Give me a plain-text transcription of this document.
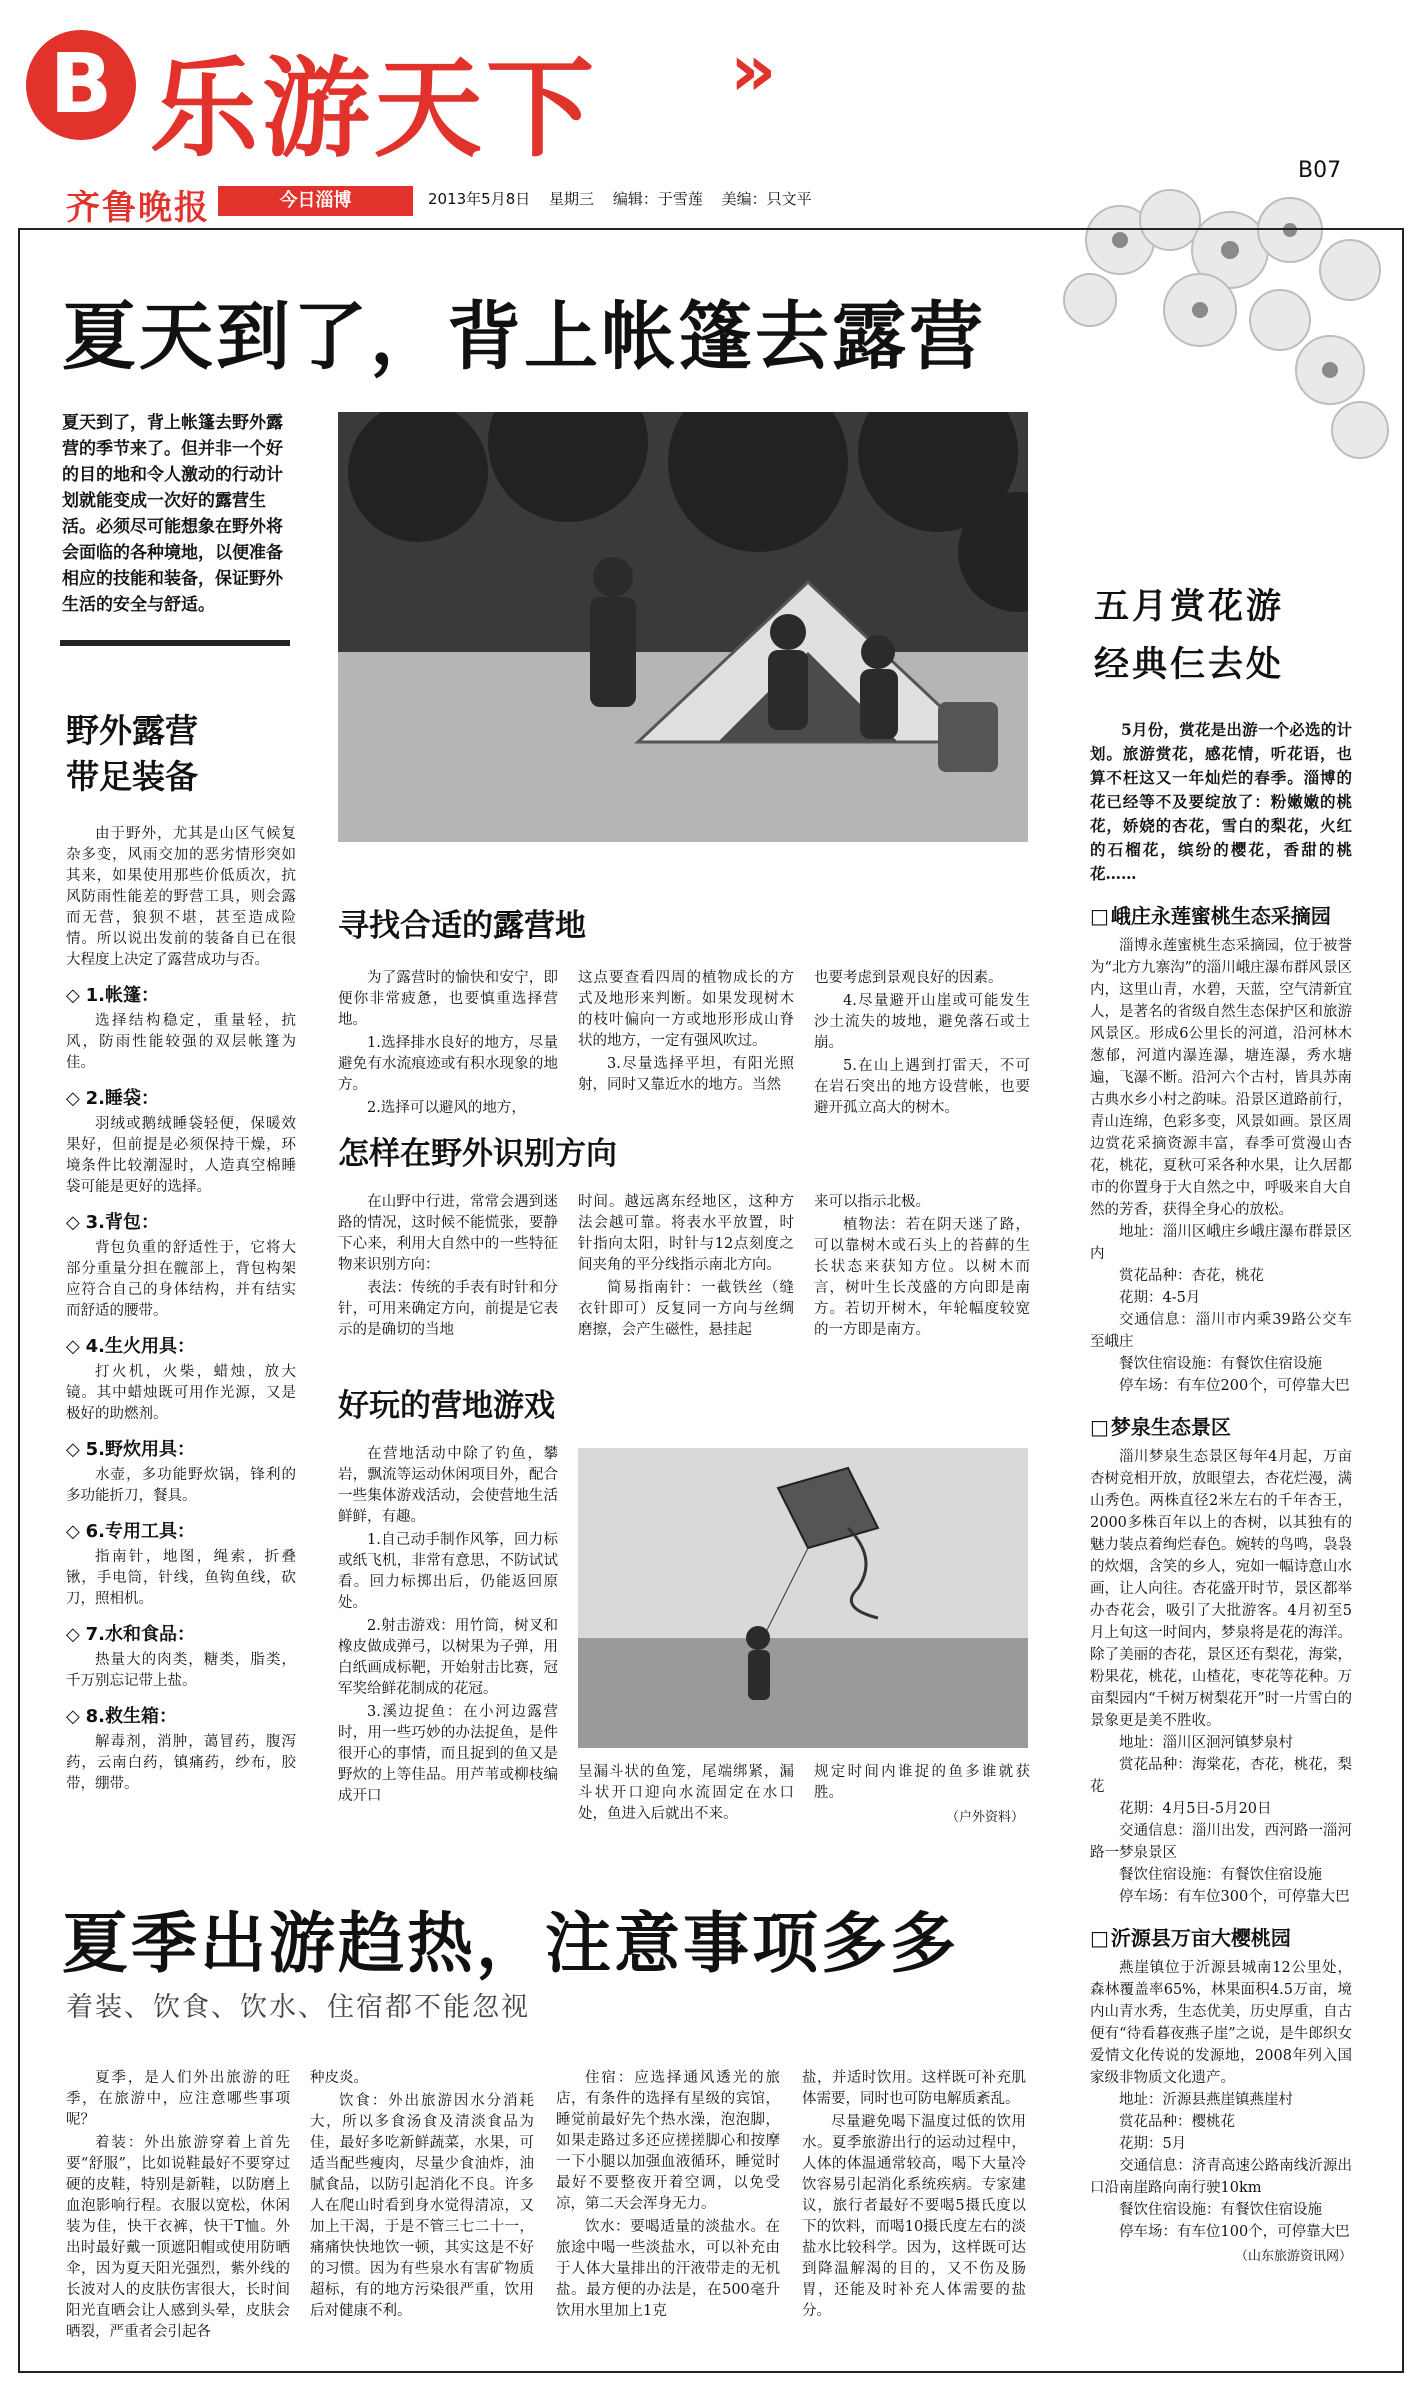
B 乐游天下 »
B07
齐鲁晚报	今日淄博	2013年5月8日 星期三 编辑：于雪莲 美编：只文平
夏天到了，背上帐篷去露营
夏天到了，背上帐篷去野外露营的季节来了。但并非一个好的目的地和令人激动的行动计划就能变成一次好的露营生活。必须尽可能想象在野外将会面临的各种境地，以便准备相应的技能和装备，保证野外生活的安全与舒适。
野外露营
带足装备

由于野外，尤其是山区气候复杂多变，风雨交加的恶劣情形突如其来，如果使用那些价低质次，抗风防雨性能差的野营工具，则会露而无营，狼狈不堪，甚至造成险情。所以说出发前的装备自已在很大程度上决定了露营成功与否。

◇ 1.帐篷：

选择结构稳定，重量轻，抗风，防雨性能较强的双层帐篷为佳。

◇ 2.睡袋：

羽绒或鹅绒睡袋轻便，保暖效果好，但前提是必须保持干燥，环境条件比较潮湿时，人造真空棉睡袋可能是更好的选择。

◇ 3.背包：

背包负重的舒适性于，它将大部分重量分担在髋部上，背包构架应符合自己的身体结构，并有结实而舒适的腰带。

◇ 4.生火用具：

打火机，火柴，蜡烛，放大镜。其中蜡烛既可用作光源，又是极好的助燃剂。

◇ 5.野炊用具：

水壶，多功能野炊锅，锋利的多功能折刀，餐具。

◇ 6.专用工具：

指南针，地图，绳索，折叠锹，手电筒，针线，鱼钩鱼线，砍刀，照相机。

◇ 7.水和食品：

热量大的肉类，糖类，脂类，千万别忘记带上盐。

◇ 8.救生箱：

解毒剂，消肿，蔼冒药，腹泻药，云南白药，镇痛药，纱布，胶带，绷带。

寻找合适的露营地

为了露营时的愉快和安宁，即便你非常疲惫，也要慎重选择营地。

1.选择排水良好的地方，尽量避免有水流痕迹或有积水现象的地方。

2.选择可以避风的地方，

这点要查看四周的植物成长的方式及地形来判断。如果发现树木的枝叶偏向一方或地形形成山脊状的地方，一定有强风吹过。

3.尽量选择平坦，有阳光照射，同时又靠近水的地方。当然

也要考虑到景观良好的因素。

4.尽量避开山崖或可能发生沙土流失的坡地，避免落石或土崩。

5.在山上遇到打雷天，不可在岩石突出的地方设营帐，也要避开孤立高大的树木。

怎样在野外识别方向

在山野中行进，常常会遇到迷路的情况，这时候不能慌张，要静下心来，利用大自然中的一些特征物来识别方向：

表法：传统的手表有时针和分针，可用来确定方向，前提是它表示的是确切的当地

时间。越远离东经地区，这种方法会越可靠。将表水平放置，时针指向太阳，时针与12点刻度之间夹角的平分线指示南北方向。

简易指南针：一截铁丝（缝衣针即可）反复同一方向与丝绸磨擦，会产生磁性，悬挂起

来可以指示北极。

植物法：若在阴天迷了路，可以靠树木或石头上的苔藓的生长状态来获知方位。以树木而言，树叶生长茂盛的方向即是南方。若切开树木，年轮幅度较宽的一方即是南方。

好玩的营地游戏

在营地活动中除了钓鱼，攀岩，飘流等运动休闲项目外，配合一些集体游戏活动，会使营地生活鲜鲜，有趣。

1.自己动手制作风筝，回力标或纸飞机，非常有意思，不防试试看。回力标掷出后，仍能返回原处。

2.射击游戏：用竹筒，树叉和橡皮做成弹弓，以树果为子弹，用白纸画成标靶，开始射击比赛，冠军奖给鲜花制成的花冠。

3.溪边捉鱼：在小河边露营时，用一些巧妙的办法捉鱼，是件很开心的事情，而且捉到的鱼又是野炊的上等佳品。用芦苇或柳枝编成开口

呈漏斗状的鱼笼，尾端绑紧，漏斗状开口迎向水流固定在水口处，鱼进入后就出不来。

规定时间内谁捉的鱼多谁就获胜。

（户外资料）
夏季出游趋热，注意事项多多
着装、饮食、饮水、住宿都不能忽视

夏季，是人们外出旅游的旺季，在旅游中，应注意哪些事项呢？

着装：外出旅游穿着上首先要“舒服”，比如说鞋最好不要穿过硬的皮鞋，特别是新鞋，以防磨上血泡影响行程。衣服以宽松，休闲装为佳，快干衣裤，快干T恤。外出时最好戴一顶遮阳帽或使用防晒伞，因为夏天阳光强烈，紫外线的长波对人的皮肤伤害很大，长时间阳光直晒会让人感到头晕，皮肤会晒裂，严重者会引起各

种皮炎。

饮食：外出旅游因水分消耗大，所以多食汤食及清淡食品为佳，最好多吃新鲜蔬菜，水果，可适当配些瘦肉，尽量少食油炸，油腻食品，以防引起消化不良。许多人在爬山时看到身水觉得清凉，又加上干渴，于是不管三七二十一，痛痛快快地饮一顿，其实这是不好的习惯。因为有些泉水有害矿物质超标，有的地方污染很严重，饮用后对健康不利。

住宿：应选择通风透光的旅店，有条件的选择有星级的宾馆，睡觉前最好先个热水澡，泡泡脚，如果走路过多还应搓搓脚心和按摩一下小腿以加强血液循环，睡觉时最好不要整夜开着空调，以免受凉，第二天会浑身无力。

饮水：要喝适量的淡盐水。在旅途中喝一些淡盐水，可以补充由于人体大量排出的汗液带走的无机盐。最方便的办法是，在500毫升饮用水里加上1克

盐，并适时饮用。这样既可补充肌体需要，同时也可防电解质紊乱。

尽量避免喝下温度过低的饮用水。夏季旅游出行的运动过程中，人体的体温通常较高，喝下大量冷饮容易引起消化系统疾病。专家建议，旅行者最好不要喝5摄氏度以下的饮料，而喝10摄氏度左右的淡盐水比较科学。因为，这样既可达到降温解渴的目的，又不伤及肠胃，还能及时补充人体需要的盐分。

五月赏花游
经典仨去处

5月份，赏花是出游一个必选的计划。旅游赏花，感花情，听花语，也算不枉这又一年灿烂的春季。淄博的花已经等不及要绽放了：粉嫩嫩的桃花，娇娆的杏花，雪白的梨花，火红的石榴花，缤纷的樱花，香甜的桃花……

□ 峨庄永莲蜜桃生态采摘园

淄博永莲蜜桃生态采摘园，位于被誉为“北方九寨沟”的淄川峨庄瀑布群风景区内，这里山青，水碧，天蓝，空气清新宜人，是著名的省级自然生态保护区和旅游风景区。形成6公里长的河道，沿河林木葱郁，河道内瀑连瀑，塘连瀑，秀水塘遍，飞瀑不断。沿河六个古村，皆具苏南古典水乡小村之韵味。沿景区道路前行，青山连绵，色彩多变，风景如画。景区周边赏花采摘资源丰富，春季可赏漫山杏花，桃花，夏秋可采各种水果，让久居都市的你置身于大自然之中，呼吸来自大自然的芳香，获得全身心的放松。

地址：淄川区峨庄乡峨庄瀑布群景区内
赏花品种：杏花，桃花
花期：4-5月
交通信息：淄川市内乘39路公交车至峨庄
餐饮住宿设施：有餐饮住宿设施
停车场：有车位200个，可停靠大巴
□ 梦泉生态景区

淄川梦泉生态景区每年4月起，万亩杏树竞相开放，放眼望去，杏花烂漫，满山秀色。两株直径2米左右的千年杏王，2000多株百年以上的杏树，以其独有的魅力装点着绚烂春色。婉转的鸟鸣，袅袅的炊烟，含笑的乡人，宛如一幅诗意山水画，让人向往。杏花盛开时节，景区都举办杏花会，吸引了大批游客。4月初至5月上旬这一时间内，梦泉将是花的海洋。除了美丽的杏花，景区还有梨花，海棠，粉果花，桃花，山楂花，枣花等花种。万亩梨园内“千树万树梨花开”时一片雪白的景象更是美不胜收。

地址：淄川区洄河镇梦泉村
赏花品种：海棠花，杏花，桃花，梨花
花期：4月5日-5月20日
交通信息：淄川出发，西河路一淄河路一梦泉景区
餐饮住宿设施：有餐饮住宿设施
停车场：有车位300个，可停靠大巴
□ 沂源县万亩大樱桃园

燕崖镇位于沂源县城南12公里处，森林覆盖率65%，林果面积4.5万亩，境内山青水秀，生态优美，历史厚重，自古便有“待看暮夜燕子崖”之说，是牛郎织女爱情文化传说的发源地，2008年列入国家级非物质文化遗产。

地址：沂源县燕崖镇燕崖村
赏花品种：樱桃花
花期：5月
交通信息：济青高速公路南线沂源出口沿南崖路向南行驶10km
餐饮住宿设施：有餐饮住宿设施
停车场：有车位100个，可停靠大巴
（山东旅游资讯网）
